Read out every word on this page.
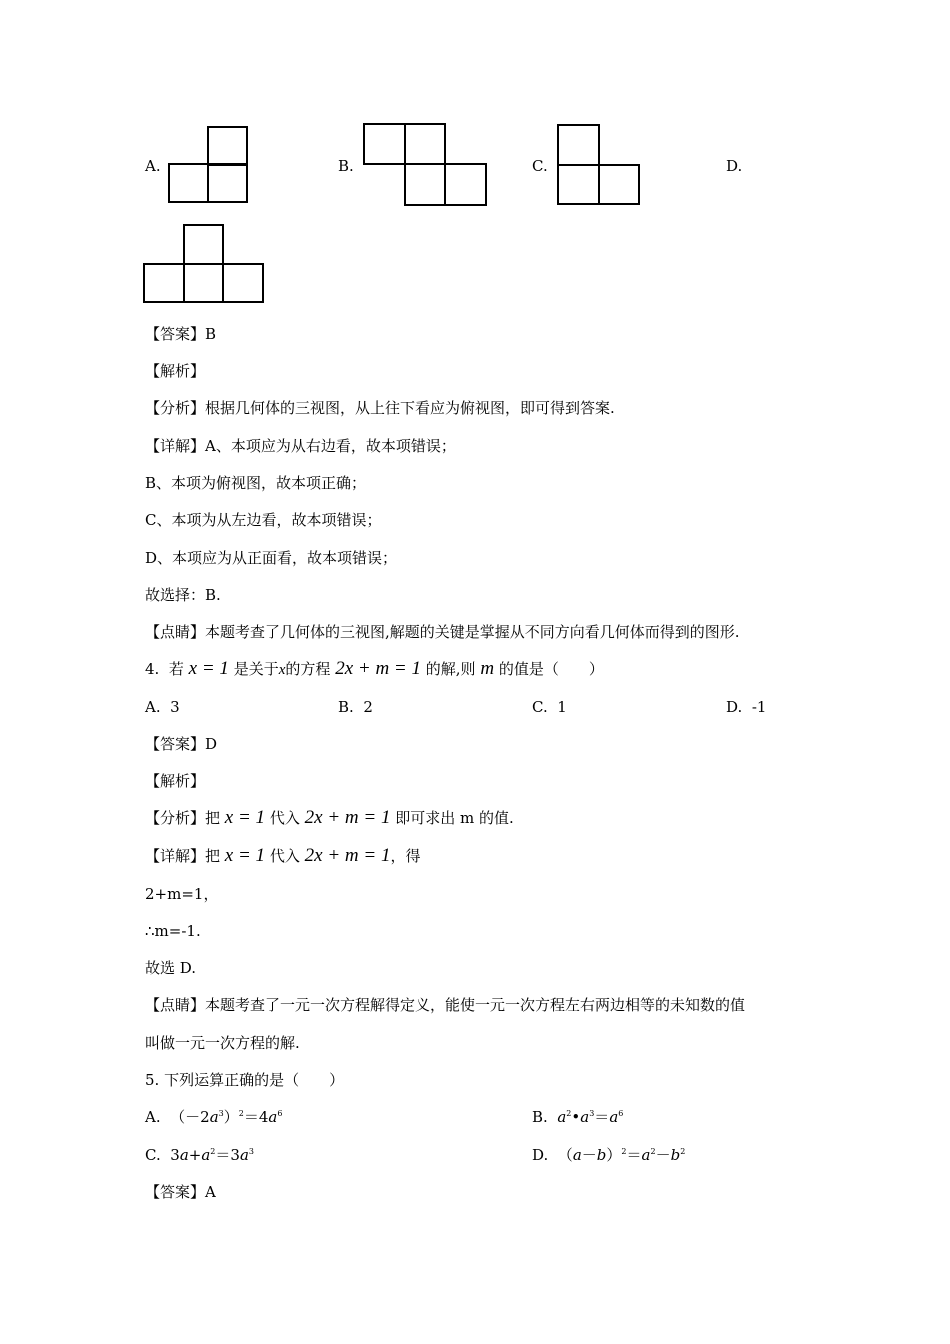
A.	B.	C.	D.
【答案】B
【解析】
【分析】根据几何体的三视图，从上往下看应为俯视图，即可得到答案.
【详解】A、本项应为从右边看，故本项错误；
B、本项为俯视图，故本项正确；
C、本项为从左边看，故本项错误；
D、本项应为从正面看，故本项错误；
故选择：B.
【点睛】本题考查了几何体的三视图,解题的关键是掌握从不同方向看几何体而得到的图形.
4. 若 x = 1 是关于x的方程 2x + m = 1 的解,则 m 的值是（　　）
A. 3	B. 2	C. 1	D. -1
【答案】D
【解析】
【分析】把 x = 1 代入 2x + m = 1 即可求出 m 的值.
【详解】把 x = 1 代入 2x + m = 1，得
2+m=1，
∴m=-1.
故选 D.
【点睛】本题考查了一元一次方程解得定义，能使一元一次方程左右两边相等的未知数的值
叫做一元一次方程的解.
5. 下列运算正确的是（　　）
A.  $(-2a^3)^2=4a^6$	B. $a^2•a^3=a^6$
C.  $3a+a^2=3a^3$	D.  $(a-b)^2=a^2-b^2$
【答案】A
